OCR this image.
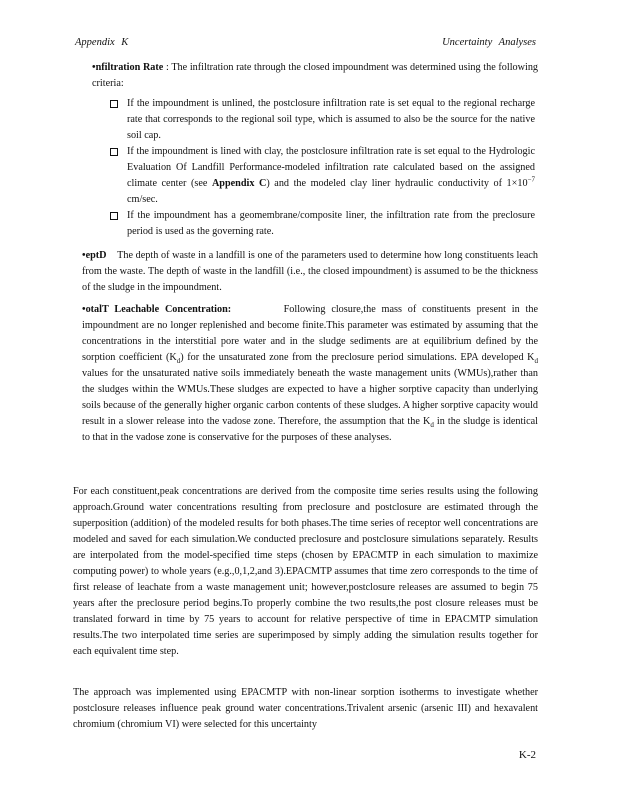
Appendix K	Uncertainty Analyses
•nfiltration Rate : The infiltration rate through the closed impoundment was determined using the following criteria:
If the impoundment is unlined, the postclosure infiltration rate is set equal to the regional recharge rate that corresponds to the regional soil type, which is assumed to also be the source for the native soil cap.
If the impoundment is lined with clay, the postclosure infiltration rate is set equal to the Hydrologic Evaluation Of Landfill Performance-modeled infiltration rate calculated based on the assigned climate center (see Appendix C) and the modeled clay liner hydraulic conductivity of $1\times 10^{-7}$ cm/sec.
If the impoundment has a geomembrane/composite liner, the infiltration rate from the preclosure period is used as the governing rate.
•eptD The depth of waste in a landfill is one of the parameters used to determine how long constituents leach from the waste. The depth of waste in the landfill (i.e., the closed impoundment) is assumed to be the thickness of the sludge in the impoundment.
•otalT Leachable Concentration:	Following closure,the mass of constituents present in the impoundment are no longer replenished and become finite.This parameter was estimated by assuming that the concentrations in the interstitial pore water and in the sludge sediments are at equilibrium defined by the sorption coefficient $(K_d)$ for the unsaturated zone from the preclosure period simulations. EPA developed $K_d$ values for the unsaturated native soils immediately beneath the waste management units (WMUs),rather than the sludges within the WMUs.These sludges are expected to have a higher sorptive capacity than underlying soils because of the generally higher organic carbon contents of these sludges. A higher sorptive capacity would result in a slower release into the vadose zone. Therefore, the assumption that the $K_d$ in the sludge is identical to that in the vadose zone is conservative for the purposes of these analyses.
For each constituent,peak concentrations are derived from the composite time series results using the following approach.Ground water concentrations resulting from preclosure and postclosure are estimated through the superposition (addition) of the modeled results for both phases.The time series of receptor well concentrations are modeled and saved for each simulation.We conducted preclosure and postclosure simulations separately. Results are interpolated from the model-specified time steps (chosen by EPACMTP in each simulation to maximize computing power) to whole years (e.g.,0,1,2,and 3).EPACMTP assumes that time zero corresponds to the time of first release of leachate from a waste management unit; however,postclosure releases are assumed to begin 75 years after the preclosure period begins.To properly combine the two results,the post closure releases must be translated forward in time by 75 years to account for relative perspective of time in EPACMTP simulation results.The two interpolated time series are superimposed by simply adding the simulation results together for each equivalent time step.
The approach was implemented using EPACMTP with non-linear sorption isotherms to investigate whether postclosure releases influence peak ground water concentrations.Trivalent arsenic (arsenic III) and hexavalent chromium (chromium VI) were selected for this uncertainty
K-2
